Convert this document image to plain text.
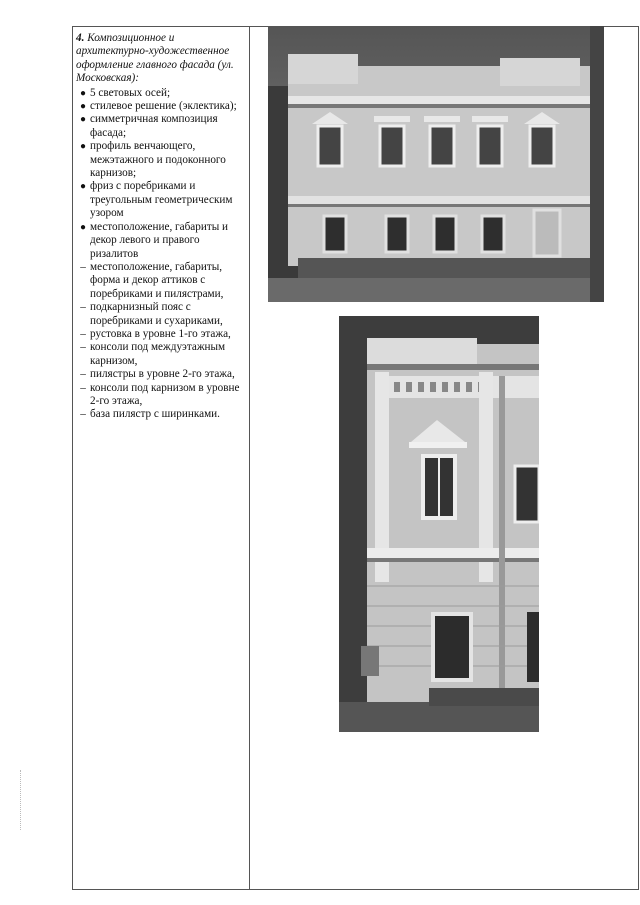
4. Композиционное и архитектурно-художественное оформление главного фасада (ул. Московская):

●
5 световых осей;
●
стилевое решение (эклектика);
●
симметричная композиция фасада;
●
профиль венчающего, межэтажного и подоконного карнизов;
●
фриз с поребриками и треугольным геометрическим узором
●
местоположение, габариты и декор левого и правого ризалитов
–
местоположение, габариты, форма и декор аттиков с поребриками и пилястрами,
–
подкарнизный пояс с поребриками и сухариками,
–
рустовка в уровне 1-го этажа,
–
консоли под междуэтажным карнизом,
–
пилястры в уровне 2-го этажа,
–
консоли под карнизом в уровне 2-го этажа,
–
база пилястр с ширинками.
